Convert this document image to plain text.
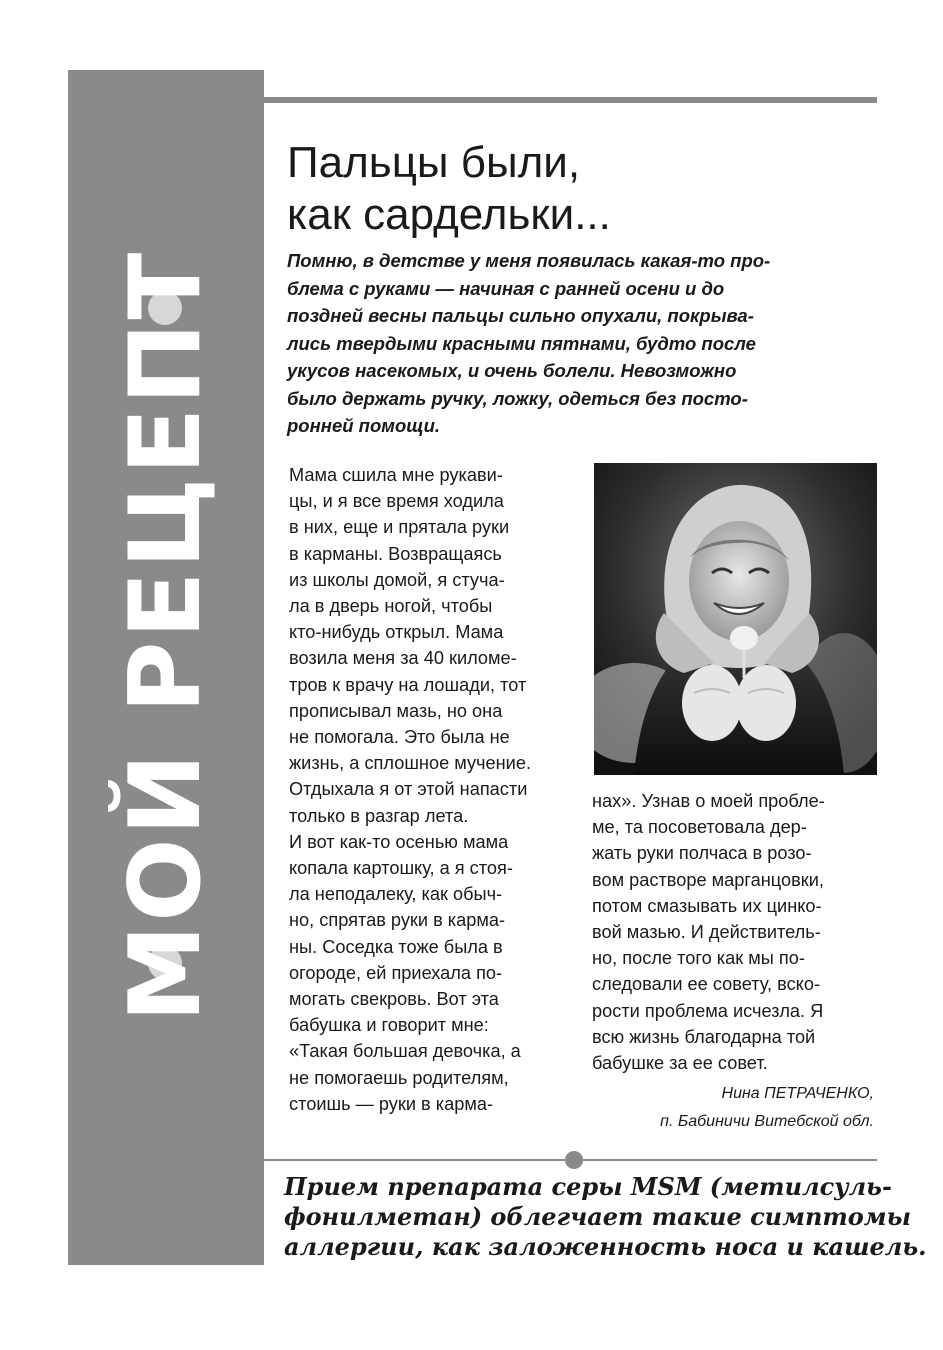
МОЙ РЕЦЕПТ
Пальцы были,
как сардельки...

Помню, в детстве у меня появилась какая-то про-
блема с руками — начиная с ранней осени и до
поздней весны пальцы сильно опухали, покрыва-
лись твердыми красными пятнами, будто после
укусов насекомых, и очень болели. Невозможно
было держать ручку, ложку, одеться без посто-
ронней помощи.

Мама сшила мне рукави-
цы, и я все время ходила
в них, еще и прятала руки
в карманы. Возвращаясь
из школы домой, я стуча-
ла в дверь ногой, чтобы
кто-нибудь открыл. Мама
возила меня за 40 киломе-
тров к врачу на лошади, тот
прописывал мазь, но она
не помогала. Это была не
жизнь, а сплошное мучение.
Отдыхала я от этой напасти
только в разгар лета.
И вот как-то осенью мама
копала картошку, а я стоя-
ла неподалеку, как обыч-
но, спрятав руки в карма-
ны. Соседка тоже была в
огороде, ей приехала по-
могать свекровь. Вот эта
бабушка и говорит мне:
«Такая большая девочка, а
не помогаешь родителям,
стоишь — руки в карма-

нах». Узнав о моей пробле-
ме, та посоветовала дер-
жать руки полчаса в розо-
вом растворе марганцовки,
потом смазывать их цинко-
вой мазью. И действитель-
но, после того как мы по-
следовали ее совету, вско-
рости проблема исчезла. Я
всю жизнь благодарна той
бабушке за ее совет.

Нина ПЕТРАЧЕНКО,
п. Бабиничи Витебской обл.

Прием препарата серы MSM (метилсуль-
фонилметан) облегчает такие симптомы
аллергии, как заложенность носа и кашель.
